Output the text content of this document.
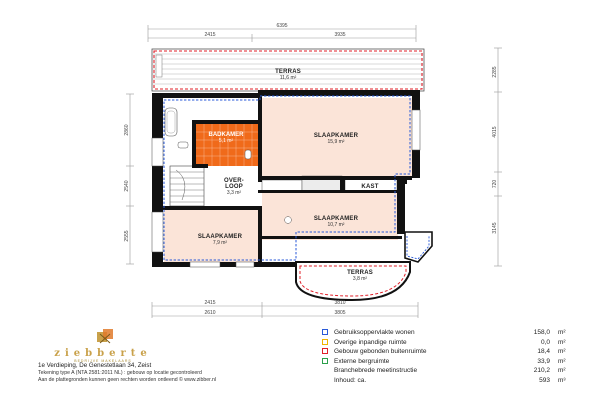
6395
2415	3935
TERRAS
11,6 m²
TERRAS
3,8 m²
BADKAMER
5,1 m²
SLAAPKAMER
15,9 m²
OVER-
LOOP
3,3 m²
KAST
SLAAPKAMER
10,7 m²
SLAAPKAMER
7,9 m²
2860
2540
2555
2285
4015
720
3145
2415	3810
2610	3805
ziebberte
BEDRIJVE MAKELAARS
1e Verdieping, De Genestetlaan 34, Zeist
Tekening type A (NTA 2581:2011 NL) : gebouw op locatie gecontroleerd
Aan de plattegronden kunnen geen rechten worden ontleend © www.zibber.nl
Gebruiksoppervlakte wonen	158,0 m²
Overige inpandige ruimte	0,0 m²
Gebouw gebonden buitenruimte	18,4 m²
Externe bergruimte	33,9 m²
Branchebrede meetinstructie	210,2 m²
Inhoud: ca.	593 m³
